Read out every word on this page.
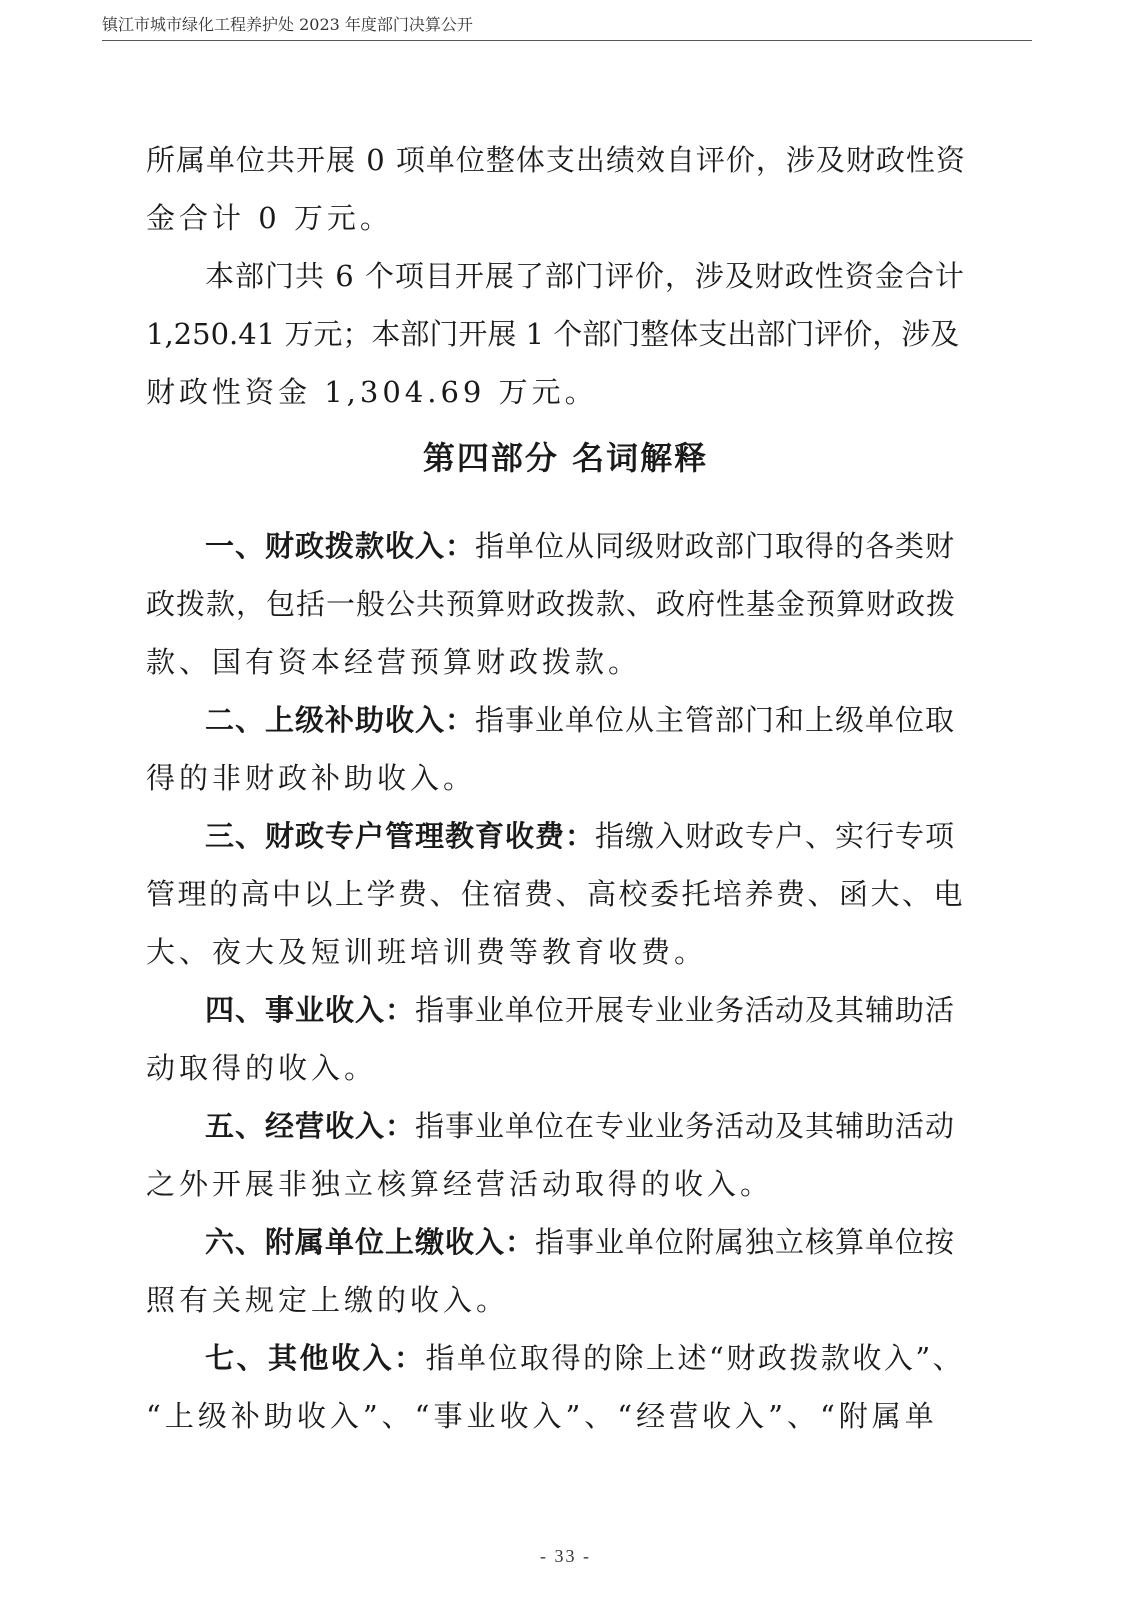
镇江市城市绿化工程养护处 2023 年度部门决算公开

所属单位共开展 0 项单位整体支出绩效自评价，涉及财政性资

金合计 0 万元。

本部门共 6 个项目开展了部门评价，涉及财政性资金合计

1,250.41 万元；本部门开展 1 个部门整体支出部门评价，涉及

财政性资金 1,304.69 万元。

第四部分 名词解释

一、财政拨款收入：指单位从同级财政部门取得的各类财

政拨款，包括一般公共预算财政拨款、政府性基金预算财政拨

款、国有资本经营预算财政拨款。

二、上级补助收入：指事业单位从主管部门和上级单位取

得的非财政补助收入。

三、财政专户管理教育收费：指缴入财政专户、实行专项

管理的高中以上学费、住宿费、高校委托培养费、函大、电

大、夜大及短训班培训费等教育收费。

四、事业收入：指事业单位开展专业业务活动及其辅助活

动取得的收入。

五、经营收入：指事业单位在专业业务活动及其辅助活动

之外开展非独立核算经营活动取得的收入。

六、附属单位上缴收入：指事业单位附属独立核算单位按

照有关规定上缴的收入。

七、其他收入：指单位取得的除上述“财政拨款收入”、

“上级补助收入”、“事业收入”、“经营收入”、“附属单

- 33 -
